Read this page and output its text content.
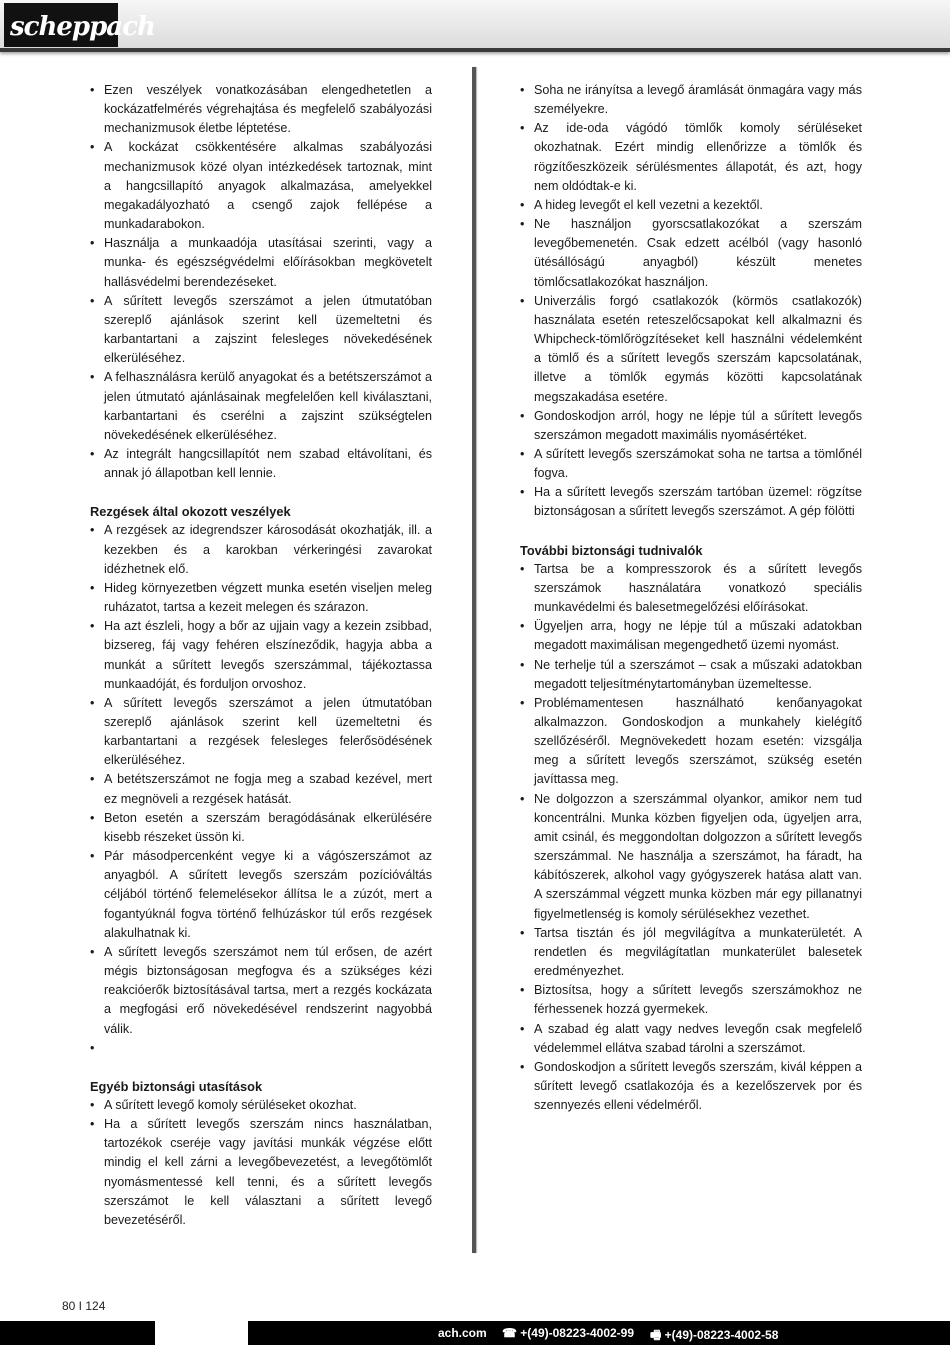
scheppach
• Ezen veszélyek vonatkozásában elengedhetetlen a kockázatfelmérés végrehajtása és megfelelő szabályozási mechanizmusok életbe léptetése.
• A kockázat csökkentésére alkalmas szabályozási mechanizmusok közé olyan intézkedések tartoznak, mint a hangcsillapító anyagok alkalmazása, amelyekkel megakadályozható a csengő zajok fellépése a munkadarabokon.
• Használja a munkaadója utasításai szerinti, vagy a munka- és egészségvédelmi előírásokban megkövetelt hallásvédelmi berendezéseket.
• A sűrített levegős szerszámot a jelen útmutatóban szereplő ajánlások szerint kell üzemeltetni és karbantartani a zajszint felesleges növekedésének elkerüléséhez.
• A felhasználásra kerülő anyagokat és a betétszerszámot a jelen útmutató ajánlásainak megfelelően kell kiválasztani, karbantartani és cserélni a zajszint szükségtelen növekedésének elkerüléséhez.
• Az integrált hangcsillapítót nem szabad eltávolítani, és annak jó állapotban kell lennie.
Rezgések által okozott veszélyek
• A rezgések az idegrendszer károsodását okozhatják, ill. a kezekben és a karokban vérkeringési zavarokat idézhetnek elő.
• Hideg környezetben végzett munka esetén viseljen meleg ruházatot, tartsa a kezeit melegen és szárazon.
• Ha azt észleli, hogy a bőr az ujjain vagy a kezein zsibbad, bizsereg, fáj vagy fehéren elszíneződik, hagyja abba a munkát a sűrített levegős szerszámmal, tájékoztassa munkaadóját, és forduljon orvoshoz.
• A sűrített levegős szerszámot a jelen útmutatóban szereplő ajánlások szerint kell üzemeltetni és karbantartani a rezgések felesleges felerősödésének elkerüléséhez.
• A betétszerszámot ne fogja meg a szabad kezével, mert ez megnöveli a rezgések hatását.
• Beton esetén a szerszám beragódásának elkerülésére kisebb részeket üssön ki.
• Pár másodpercenként vegye ki a vágószerszámot az anyagból. A sűrített levegős szerszám pozícióváltás céljából történő felemelésekor állítsa le a zúzót, mert a fogantyúknál fogva történő felhúzáskor túl erős rezgések alakulhatnak ki.
• A sűrített levegős szerszámot nem túl erősen, de azért mégis biztonságosan megfogva és a szükséges kézi reakcióerők biztosításával tartsa, mert a rezgés kockázata a megfogási erő növekedésével rendszerint nagyobbá válik.
•
Egyéb biztonsági utasítások
• A sűrített levegő komoly sérüléseket okozhat.
• Ha a sűrített levegős szerszám nincs használatban, tartozékok cseréje vagy javítási munkák végzése előtt mindig el kell zárni a levegőbevezetést, a levegőtömlőt nyomásmentessé kell tenni, és a sűrített levegős szerszámot le kell választani a sűrített levegő bevezetéséről.
• Soha ne irányítsa a levegő áramlását önmagára vagy más személyekre.
• Az ide-oda vágódó tömlők komoly sérüléseket okozhatnak. Ezért mindig ellenőrizze a tömlők és rögzítőeszközeik sérülésmentes állapotát, és azt, hogy nem oldódtak-e ki.
• A hideg levegőt el kell vezetni a kezektől.
• Ne használjon gyorscsatlakozókat a szerszám levegőbemenetén. Csak edzett acélból (vagy hasonló ütésállóságú anyagból) készült menetes tömlőcsatlakozókat használjon.
• Univerzális forgó csatlakozók (körmös csatlakozók) használata esetén reteszelőcsapokat kell alkalmazni és Whipcheck-tömlőrögzítéseket kell használni védelemként a tömlő és a sűrített levegős szerszám kapcsolatának, illetve a tömlők egymás közötti kapcsolatának megszakadása esetére.
• Gondoskodjon arról, hogy ne lépje túl a sűrített levegős szerszámon megadott maximális nyomásértéket.
• A sűrített levegős szerszámokat soha ne tartsa a tömlőnél fogva.
• Ha a sűrített levegős szerszám tartóban üzemel: rögzítse biztonságosan a sűrített levegős szerszámot. A gép fölötti
További biztonsági tudnivalók
• Tartsa be a kompresszorok és a sűrített levegős szerszámok használatára vonatkozó speciális munkavédelmi és balesetmegelőzési előírásokat.
• Ügyeljen arra, hogy ne lépje túl a műszaki adatokban megadott maximálisan megengedhető üzemi nyomást.
• Ne terhelje túl a szerszámot – csak a műszaki adatokban megadott teljesítménytartományban üzemeltesse.
• Problémamentesen használható kenőanyagokat alkalmazzon. Gondoskodjon a munkahely kielégítő szellőzéséről. Megnövekedett hozam esetén: vizsgálja meg a sűrített levegős szerszámot, szükség esetén javíttassa meg.
• Ne dolgozzon a szerszámmal olyankor, amikor nem tud koncentrálni. Munka közben figyeljen oda, ügyeljen arra, amit csinál, és meggondoltan dolgozzon a sűrített levegős szerszámmal. Ne használja a szerszámot, ha fáradt, ha kábítószerek, alkohol vagy gyógyszerek hatása alatt van. A szerszámmal végzett munka közben már egy pillanatnyi figyelmetlenség is komoly sérülésekhez vezethet.
• Tartsa tisztán és jól megvilágítva a munkaterületét. A rendetlen és megvilágítatlan munkaterület balesetek eredményezhet.
• Biztosítsa, hogy a sűrített levegős szerszámokhoz ne férhessenek hozzá gyermekek.
• A szabad ég alatt vagy nedves levegőn csak megfelelő védelemmel ellátva szabad tárolni a szerszámot.
• Gondoskodjon a sűrített levegős szerszám, kivál képpen a sűrített levegő csatlakozója és a kezelőszervek por és szennyezés elleni védelméről.
80 I 124
ach.com ☎ +(49)-08223-4002-99 🖷 +(49)-08223-4002-58
